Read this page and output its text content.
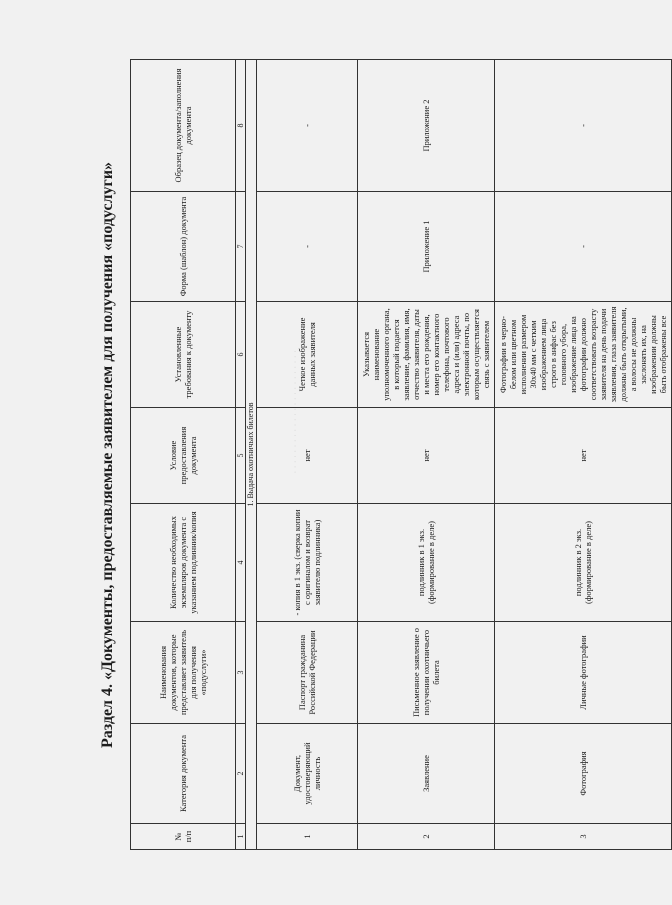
· · · · · · · · · · · · · · · · · · · · · · · ·
Раздел 4. «Документы, предоставляемые заявителем для получения «подуслуги»
№ п/п	Категория документа	Наименования документов, которые представляет заявитель для получения «подуслуги»	Количество необходимых экземпляров документа с указанием подлинник/копия	Условие предоставления документа	Установленные требования к документу	Форма (шаблон) документа	Образец документа/заполнения документа
1	2	3	4	5	6	7	8
1. Выдача охотничьих билетов							
1	Документ, удостоверяющий личность	Паспорт гражданина Российской Федерации	- копия в 1 экз. (сверка копии с оригиналом и возврат заявителю подлинника)	нет	Четкое изображение данных заявителя	-	-
2	Заявление	Письменное заявление о получении охотничьего билета	подлинник в 1 экз. (формирование в деле)	нет	Указывается наименование уполномоченного органа, в который подается заявление, фамилия, имя, отчество заявителя, даты и места его рождения, номер его контактного телефона, почтового адреса и (или) адреса электронной почты, по которым осуществляется связь с заявителем	Приложение 1	Приложение 2
3	Фотография	Личные фотографии	подлинник в 2 экз. (формирование в деле)	нет	Фотографии в черно-белом или цветном исполнении размером 30х40 мм с четким изображением лица строго в анфас без головного убора, изображение лица на фотографии должно соответствовать возрасту заявителя на день подачи заявления, глаза заявителя должны быть открытыми, а волосы не должны заслонять их, на изображении должны быть отображены все	-	-
